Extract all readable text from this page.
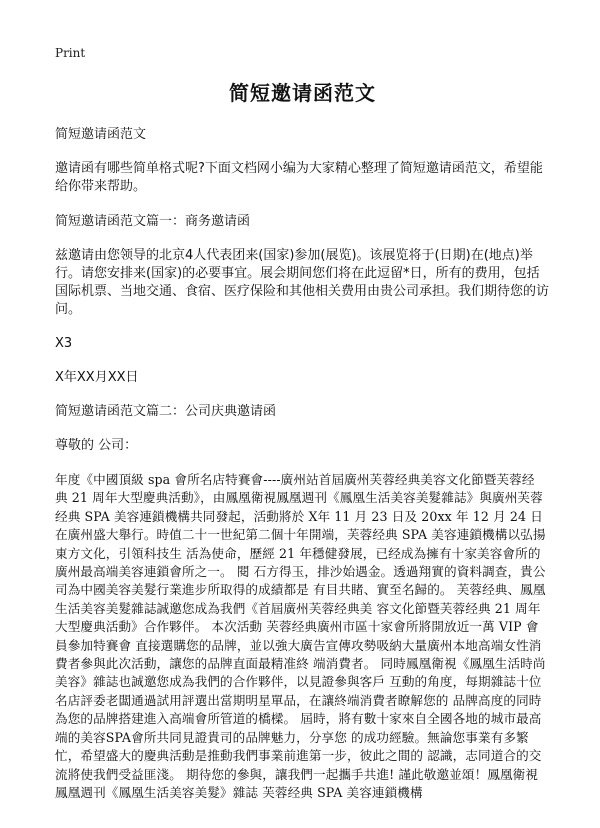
Print
简短邀请函范文

简短邀请函范文

邀请函有哪些简单格式呢?下面文档网小编为大家精心整理了简短邀请函范文，希望能给你带来帮助。

简短邀请函范文篇一：商务邀请函

兹邀请由您领导的北京4人代表团来(国家)参加(展览)。该展览将于(日期)在(地点)举行。请您安排来(国家)的必要事宜。展会期间您们将在此逗留*日，所有的费用，包括国际机票、当地交通、食宿、医疗保险和其他相关费用由贵公司承担。我们期待您的访问。

X3

X年XX月XX日

简短邀请函范文篇二：公司庆典邀请函

尊敬的 公司：

年度《中國頂級 spa 會所名店特賽會----廣州站首屆廣州芙蓉经典美容文化節暨芙蓉经 典 21 周年大型慶典活動》，由鳳凰衛視鳳凰週刊《鳳凰生活美容美髮雜誌》與廣州芙蓉经典 SPA 美容連鎖機構共同發起，活動將於 X年 11 月 23 日及 20xx 年 12 月 24 日在廣州盛大舉行。時值二十一世紀第二個十年開端，芙蓉经典 SPA 美容連鎖機構以弘揚東方文化，引領科技生 活為使命，歷經 21 年穩健發展，已经成為擁有十家美容會所的廣州最高端美容連鎖會所之一。 閱 石方得玉，排沙始遇金。透過翔實的資料調查，貴公司為中國美容美髮行業進步所取得的成績都是 有目共睹、實至名歸的。 芙蓉经典、鳳凰生活美容美髮雜誌誠邀您成為我們《首屆廣州芙蓉经典美 容文化節暨芙蓉经典 21 周年大型慶典活動》合作夥伴。 本次活動 芙蓉经典廣州市區十家會所將開放近一萬 VIP 會員參加特賽會 直接選購您的品牌，並以強大廣告宣傳攻勢吸納大量廣州本地高端女性消費者參與此次活動，讓您的品牌直面最精准終 端消費者。 同時鳳凰衛視《鳳凰生活時尚美容》雜誌也誠邀您成為我們的合作夥伴，以見證參與客戶 互動的角度，每期雜誌十位名店評委老闆通過試用評選出當期明星單品，在讓終端消費者瞭解您的 品牌高度的同時為您的品牌搭建進入高端會所管道的橋樑。 屆時，將有數十家來自全國各地的城市最高端的美容SPA會所共同見證貴司的品牌魅力，分享您 的成功經驗。無論您事業有多繁忙，希望盛大的慶典活動是推動我們事業前進第一步，彼此之間的 認識，志同道合的交流將使我們受益匪淺。 期待您的參與，讓我們一起攜手共進! 謹此敬邀並頌！鳳凰衛視鳳凰週刊《鳳凰生活美容美髮》雜誌 芙蓉经典 SPA 美容連鎖機構
